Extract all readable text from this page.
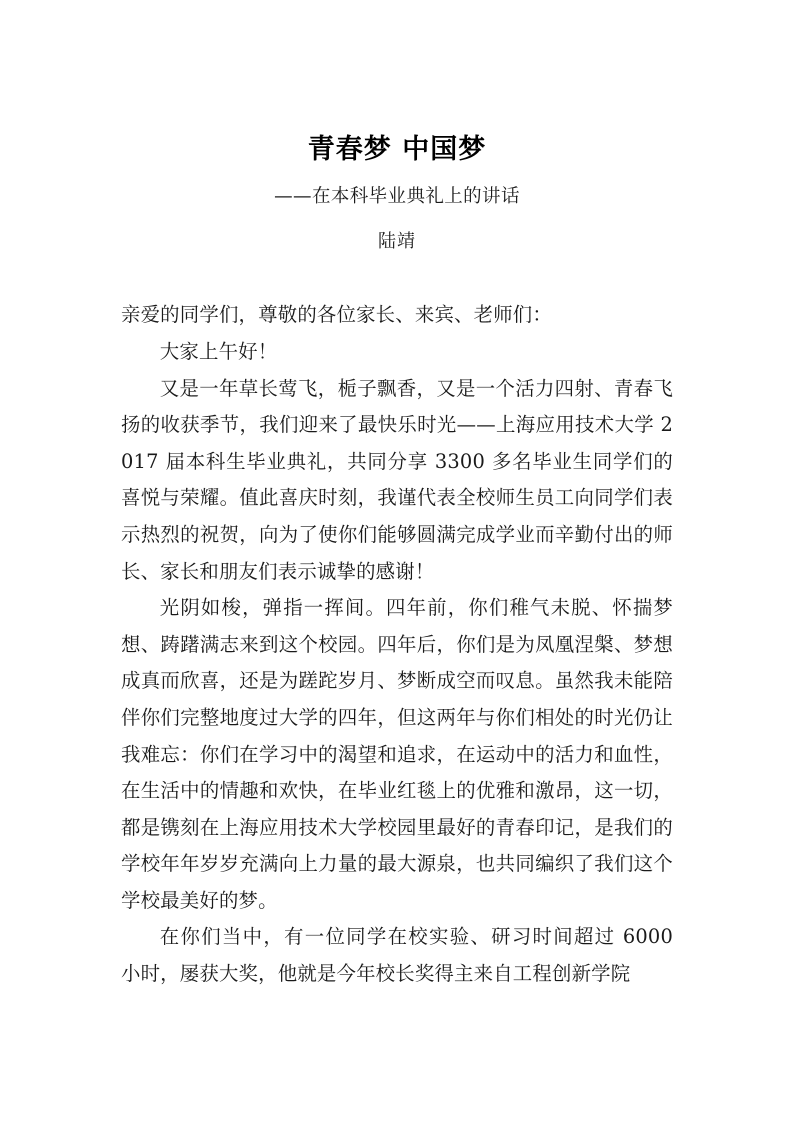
青春梦 中国梦

——在本科毕业典礼上的讲话

陆靖

亲爱的同学们，尊敬的各位家长、来宾、老师们：

大家上午好！

又是一年草长莺飞，栀子飘香，又是一个活力四射、青春飞扬的收获季节，我们迎来了最快乐时光——上海应用技术大学 2017 届本科生毕业典礼，共同分享 3300 多名毕业生同学们的喜悦与荣耀。值此喜庆时刻，我谨代表全校师生员工向同学们表示热烈的祝贺，向为了使你们能够圆满完成学业而辛勤付出的师长、家长和朋友们表示诚挚的感谢！

光阴如梭，弹指一挥间。四年前，你们稚气未脱、怀揣梦想、踌躇满志来到这个校园。四年后，你们是为凤凰涅槃、梦想成真而欣喜，还是为蹉跎岁月、梦断成空而叹息。虽然我未能陪伴你们完整地度过大学的四年，但这两年与你们相处的时光仍让我难忘：你们在学习中的渴望和追求，在运动中的活力和血性，在生活中的情趣和欢快，在毕业红毯上的优雅和激昂，这一切，都是镌刻在上海应用技术大学校园里最好的青春印记，是我们的学校年年岁岁充满向上力量的最大源泉，也共同编织了我们这个学校最美好的梦。

在你们当中，有一位同学在校实验、研习时间超过 6000 小时，屡获大奖，他就是今年校长奖得主来自工程创新学院
